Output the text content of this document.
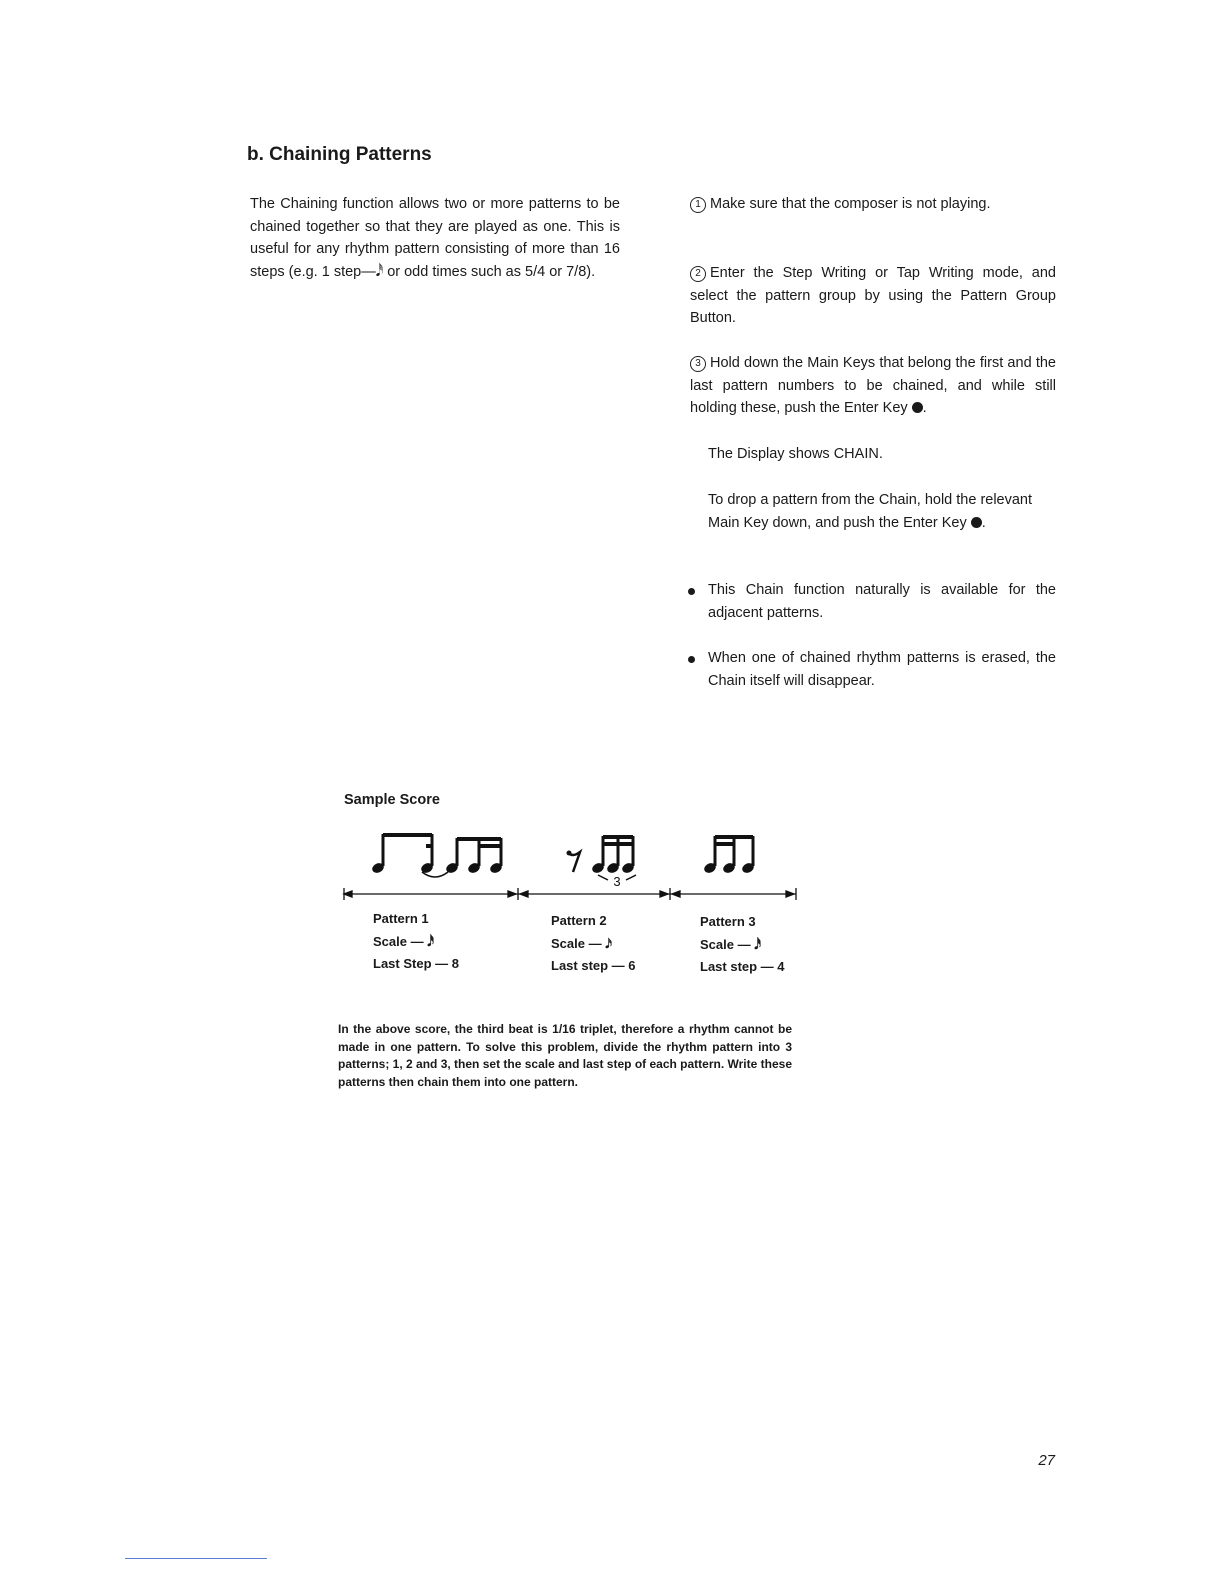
b. Chaining Patterns
The Chaining function allows two or more patterns to be chained together so that they are played as one. This is useful for any rhythm pattern consisting of more than 16 steps (e.g. 1 step—𝅘𝅥𝅰 or odd times such as 5/4 or 7/8).
1 Make sure that the composer is not playing.
2 Enter the Step Writing or Tap Writing mode, and select the pattern group by using the Pattern Group Button.
3 Hold down the Main Keys that belong the first and the last pattern numbers to be chained, and while still holding these, push the Enter Key .
The Display shows CHAIN.
To drop a pattern from the Chain, hold the relevant Main Key down, and push the Enter Key .
This Chain function naturally is available for the adjacent patterns.
When one of chained rhythm patterns is erased, the Chain itself will disappear.
Sample Score
3
Pattern 1
Scale — 𝅘𝅥𝅰
Last Step — 8
Pattern 2
Scale — 𝅘𝅥𝅯
Last step — 6
Pattern 3
Scale — 𝅘𝅥𝅰
Last step — 4
In the above score, the third beat is 1/16 triplet, therefore a rhythm cannot be made in one pattern. To solve this problem, divide the rhythm pattern into 3 patterns; 1, 2 and 3, then set the scale and last step of each pattern. Write these patterns then chain them into one pattern.
27
